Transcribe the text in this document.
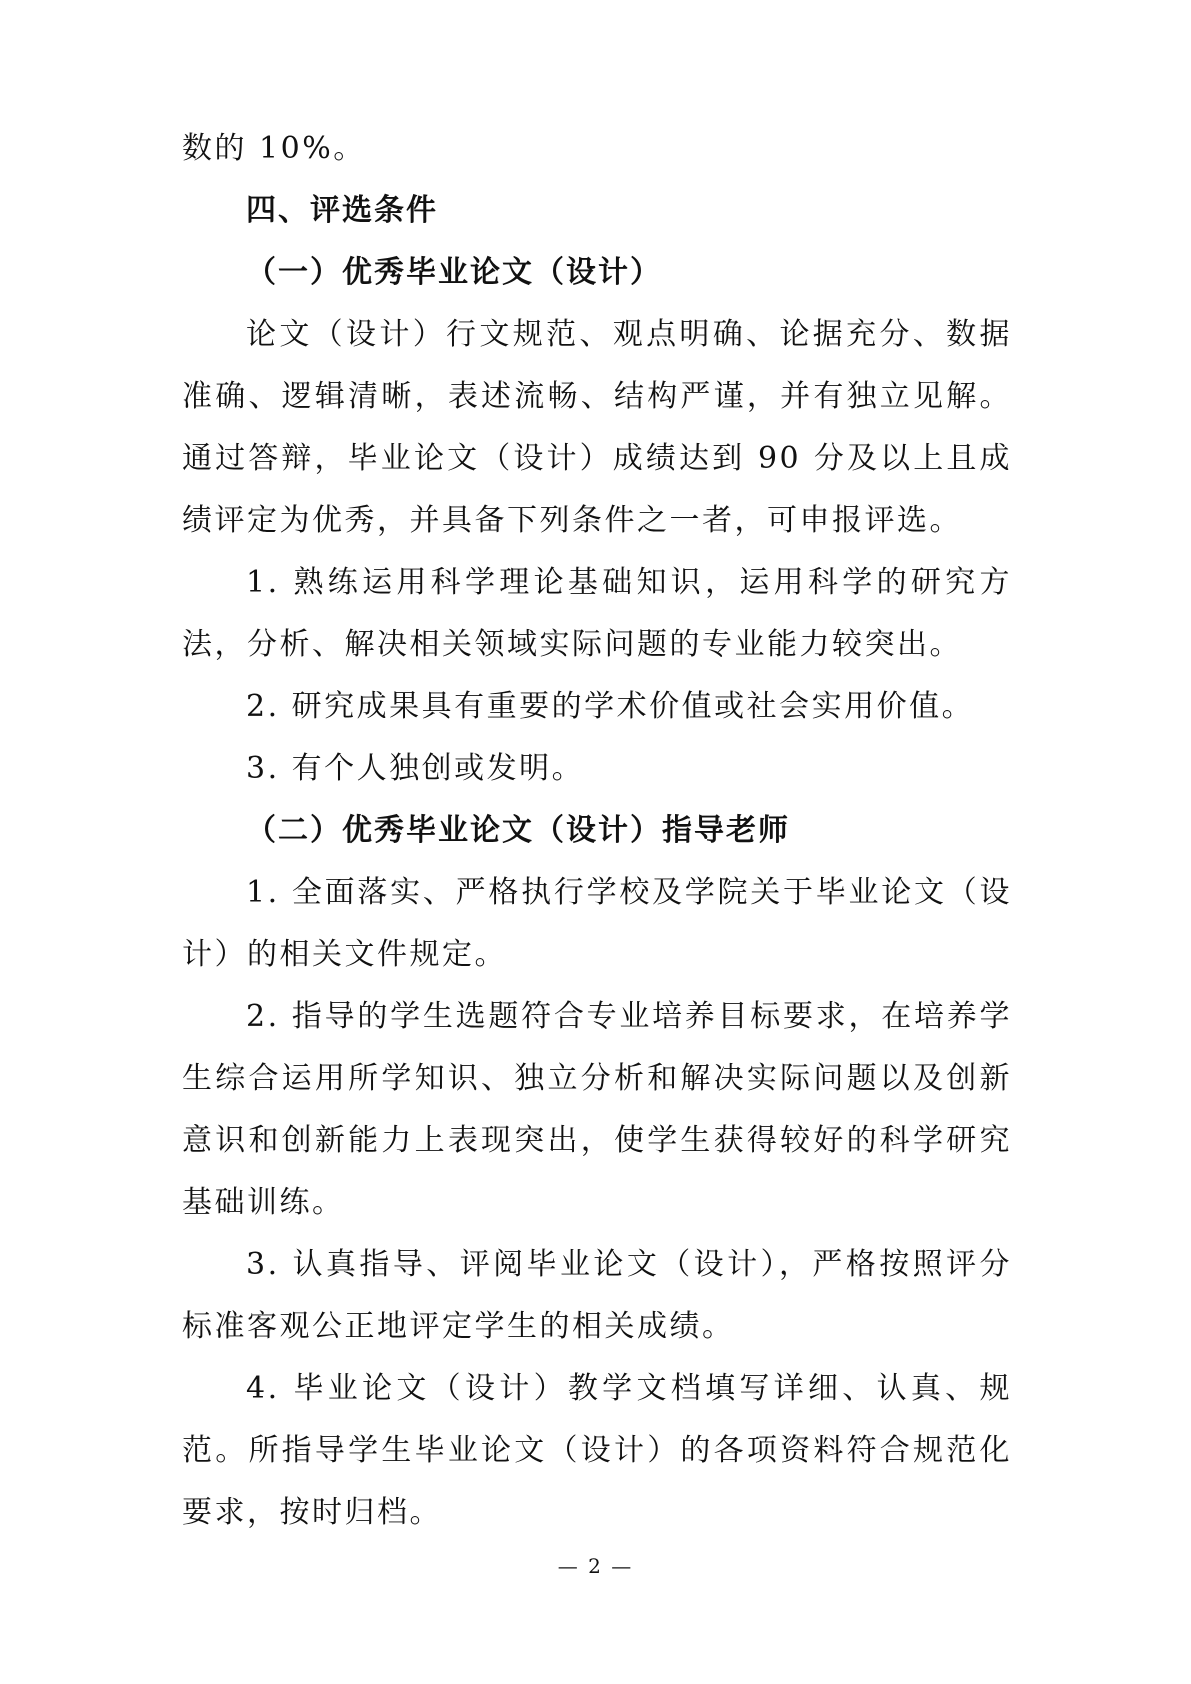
数的 10%。

四、评选条件

（一）优秀毕业论文（设计）

论文（设计）行文规范、观点明确、论据充分、数据准确、逻辑清晰，表述流畅、结构严谨，并有独立见解。通过答辩，毕业论文（设计）成绩达到 90 分及以上且成绩评定为优秀，并具备下列条件之一者，可申报评选。

1. 熟练运用科学理论基础知识，运用科学的研究方法，分析、解决相关领域实际问题的专业能力较突出。

2. 研究成果具有重要的学术价值或社会实用价值。

3. 有个人独创或发明。

（二）优秀毕业论文（设计）指导老师

1. 全面落实、严格执行学校及学院关于毕业论文（设计）的相关文件规定。

2. 指导的学生选题符合专业培养目标要求，在培养学生综合运用所学知识、独立分析和解决实际问题以及创新意识和创新能力上表现突出，使学生获得较好的科学研究基础训练。

3. 认真指导、评阅毕业论文（设计），严格按照评分标准客观公正地评定学生的相关成绩。

4. 毕业论文（设计）教学文档填写详细、认真、规范。所指导学生毕业论文（设计）的各项资料符合规范化要求，按时归档。

— 2 —
